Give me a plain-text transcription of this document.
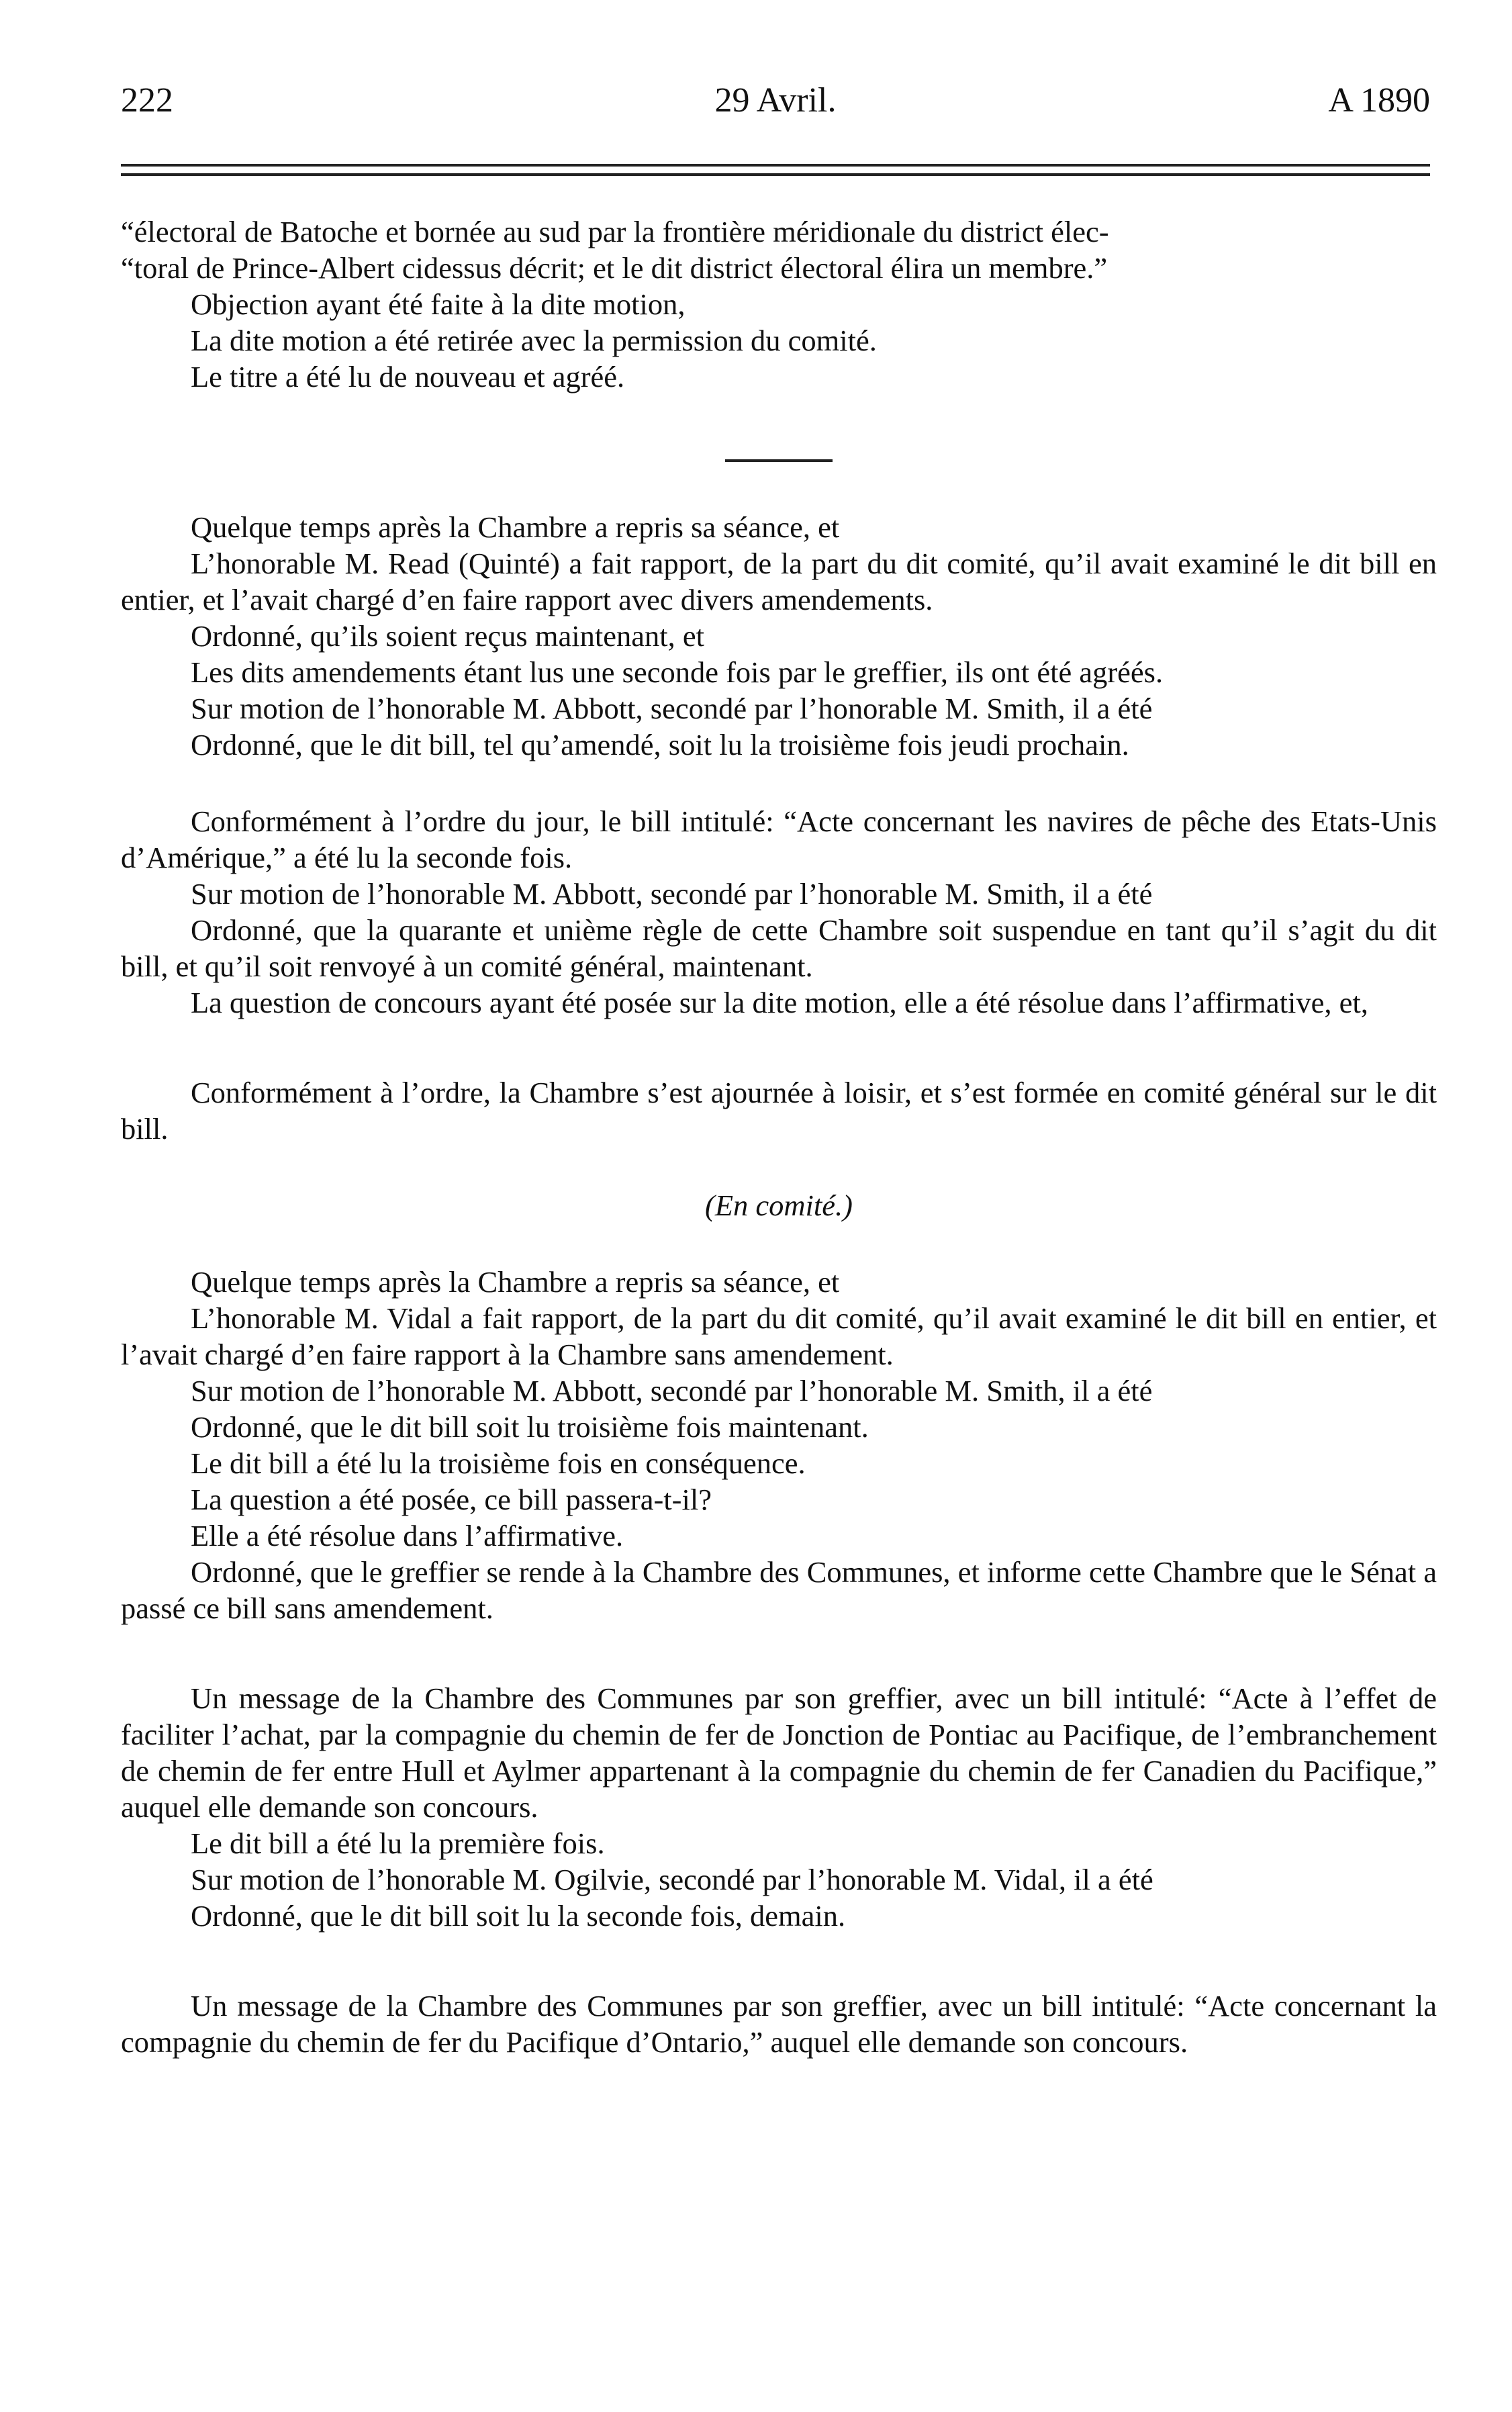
222	29 Avril.	A 1890

“électoral de Batoche et bornée au sud par la frontière méridionale du district élec-

“toral de Prince-Albert cidessus décrit; et le dit district électoral élira un membre.”

Objection ayant été faite à la dite motion,

La dite motion a été retirée avec la permission du comité.

Le titre a été lu de nouveau et agréé.

Quelque temps après la Chambre a repris sa séance, et

L’honorable M. Read (Quinté) a fait rapport, de la part du dit comité, qu’il avait examiné le dit bill en entier, et l’avait chargé d’en faire rapport avec divers amendements.

Ordonné, qu’ils soient reçus maintenant, et

Les dits amendements étant lus une seconde fois par le greffier, ils ont été agréés.

Sur motion de l’honorable M. Abbott, secondé par l’honorable M. Smith, il a été

Ordonné, que le dit bill, tel qu’amendé, soit lu la troisième fois jeudi prochain.

Conformément à l’ordre du jour, le bill intitulé: “Acte concernant les navires de pêche des Etats-Unis d’Amérique,” a été lu la seconde fois.

Sur motion de l’honorable M. Abbott, secondé par l’honorable M. Smith, il a été

Ordonné, que la quarante et unième règle de cette Chambre soit suspendue en tant qu’il s’agit du dit bill, et qu’il soit renvoyé à un comité général, maintenant.

La question de concours ayant été posée sur la dite motion, elle a été résolue dans l’affirmative, et,

Conformément à l’ordre, la Chambre s’est ajournée à loisir, et s’est formée en comité général sur le dit bill.

(En comité.)

Quelque temps après la Chambre a repris sa séance, et

L’honorable M. Vidal a fait rapport, de la part du dit comité, qu’il avait examiné le dit bill en entier, et l’avait chargé d’en faire rapport à la Chambre sans amendement.

Sur motion de l’honorable M. Abbott, secondé par l’honorable M. Smith, il a été

Ordonné, que le dit bill soit lu troisième fois maintenant.

Le dit bill a été lu la troisième fois en conséquence.

La question a été posée, ce bill passera-t-il?

Elle a été résolue dans l’affirmative.

Ordonné, que le greffier se rende à la Chambre des Communes, et informe cette Chambre que le Sénat a passé ce bill sans amendement.

Un message de la Chambre des Communes par son greffier, avec un bill intitulé: “Acte à l’effet de faciliter l’achat, par la compagnie du chemin de fer de Jonction de Pontiac au Pacifique, de l’embranchement de chemin de fer entre Hull et Aylmer appartenant à la compagnie du chemin de fer Canadien du Pacifique,” auquel elle demande son concours.

Le dit bill a été lu la première fois.

Sur motion de l’honorable M. Ogilvie, secondé par l’honorable M. Vidal, il a été

Ordonné, que le dit bill soit lu la seconde fois, demain.

Un message de la Chambre des Communes par son greffier, avec un bill intitulé: “Acte concernant la compagnie du chemin de fer du Pacifique d’Ontario,” auquel elle demande son concours.
